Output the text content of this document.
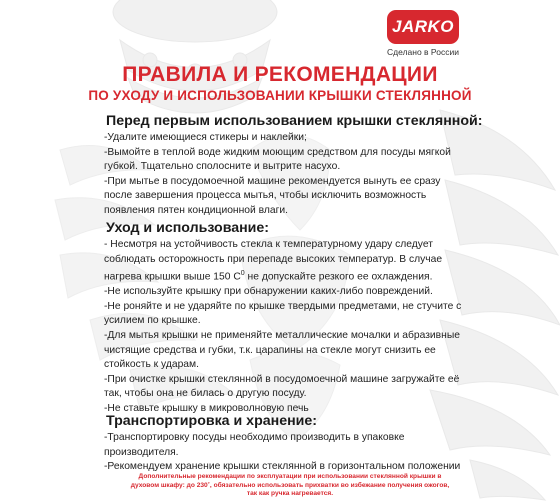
JARKO
Сделано в России
ПРАВИЛА И РЕКОМЕНДАЦИИ
ПО УХОДУ И ИСПОЛЬЗОВАНИИ КРЫШКИ СТЕКЛЯННОЙ
Перед первым использованием крышки стеклянной:
-Удалите имеющиеся стикеры и наклейки;
-Вымойте в теплой воде жидким моющим средством для посуды мягкой
губкой. Тщательно сполосните и вытрите насухо.
-При мытье в посудомоечной машине рекомендуется вынуть ее сразу
после завершения процесса мытья, чтобы исключить возможность
появления пятен кондиционной влаги.
Уход и использование:
- Несмотря на устойчивость стекла к температурному удару следует
соблюдать осторожность при перепаде высоких температур. В случае
нагрева крышки выше 150 $С^0$ не допускайте резкого ее охлаждения.
-Не используйте крышку при обнаружении каких-либо повреждений.
-Не роняйте и не ударяйте по крышке твердыми предметами, не стучите с
усилием по крышке.
-Для мытья крышки не применяйте металлические мочалки и абразивные
чистящие средства и губки, т.к. царапины на стекле могут снизить ее
стойкость к ударам.
-При очистке крышки стеклянной в посудомоечной машине загружайте её
так, чтобы она не билась о другую посуду.
-Не ставьте крышку в микроволновую печь
Транспортировка и хранение:
-Транспортировку посуды необходимо производить в упаковке
производителя.
-Рекомендуем хранение крышки стеклянной в горизонтальном положении
Дополнительные рекомендации по эксплуатации при использовании стеклянной крышки в
духовом шкафу: до 230˚, обязательно использовать прихватки во избежание получения ожогов,
так как ручка нагревается.
